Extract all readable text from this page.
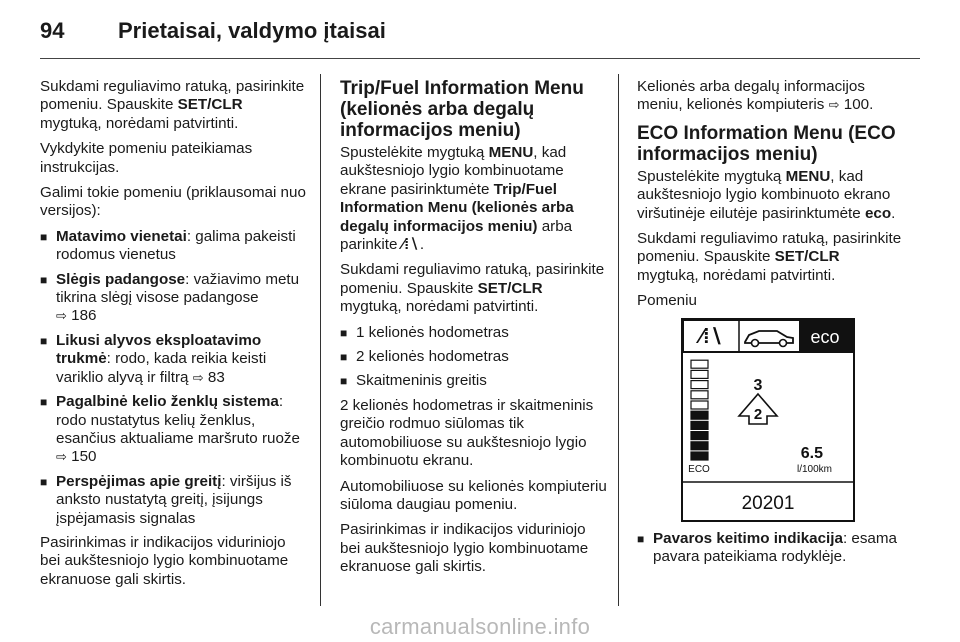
94	Prietaisai, valdymo įtaisai

Sukdami reguliavimo ratuką, pasirinkite pomeniu. Spauskite SET/CLR mygtuką, norėdami patvirtinti.

Vykdykite pomeniu pateikiamas instrukcijas.

Galimi tokie pomeniu (priklausomai nuo versijos):

■ Matavimo vienetai: galima pakeisti rodomus vienetus
■ Slėgis padangose: važiavimo metu tikrina slėgį visose padangose
⇨ 186
■ Likusi alyvos eksploatavimo trukmė: rodo, kada reikia keisti variklio alyvą ir filtrą ⇨ 83
■ Pagalbinė kelio ženklų sistema: rodo nustatytus kelių ženklus, esančius aktualiame maršruto ruože ⇨ 150
■ Perspėjimas apie greitį: viršijus iš anksto nustatytą greitį, įsijungs įspėjamasis signalas

Pasirinkimas ir indikacijos viduriniojo bei aukštesniojo lygio kombinuotame ekranuose gali skirtis.

Trip/Fuel Information Menu (kelionės arba degalų informacijos meniu)

Spustelėkite mygtuką MENU, kad aukštesniojo lygio kombinuotame ekrane pasirinktumėte Trip/Fuel Information Menu (kelionės arba degalų informacijos meniu) arba parinkite ⁄⁞∖.

Sukdami reguliavimo ratuką, pasirinkite pomeniu. Spauskite SET/CLR mygtuką, norėdami patvirtinti.

■ 1 kelionės hodometras
■ 2 kelionės hodometras
■ Skaitmeninis greitis

2 kelionės hodometras ir skaitmeninis greičio rodmuo siūlomas tik automobiliuose su aukštesniojo lygio kombinuotu ekranu.

Automobiliuose su kelionės kompiuteriu siūloma daugiau pomeniu.

Pasirinkimas ir indikacijos viduriniojo bei aukštesniojo lygio kombinuotame ekranuose gali skirtis.

Kelionės arba degalų informacijos meniu, kelionės kompiuteris ⇨ 100.

ECO Information Menu (ECO informacijos meniu)

Spustelėkite mygtuką MENU, kad aukštesniojo lygio kombinuoto ekrano viršutinėje eilutėje pasirinktumėte eco.

Sukdami reguliavimo ratuką, pasirinkite pomeniu. Spauskite SET/CLR mygtuką, norėdami patvirtinti.

Pomeniu

⁄⁞∖	eco
ECO
3
2
6.5
l/100km
20201
■ Pavaros keitimo indikacija: esama pavara pateikiama rodyklėje.
carmanualsonline.info
